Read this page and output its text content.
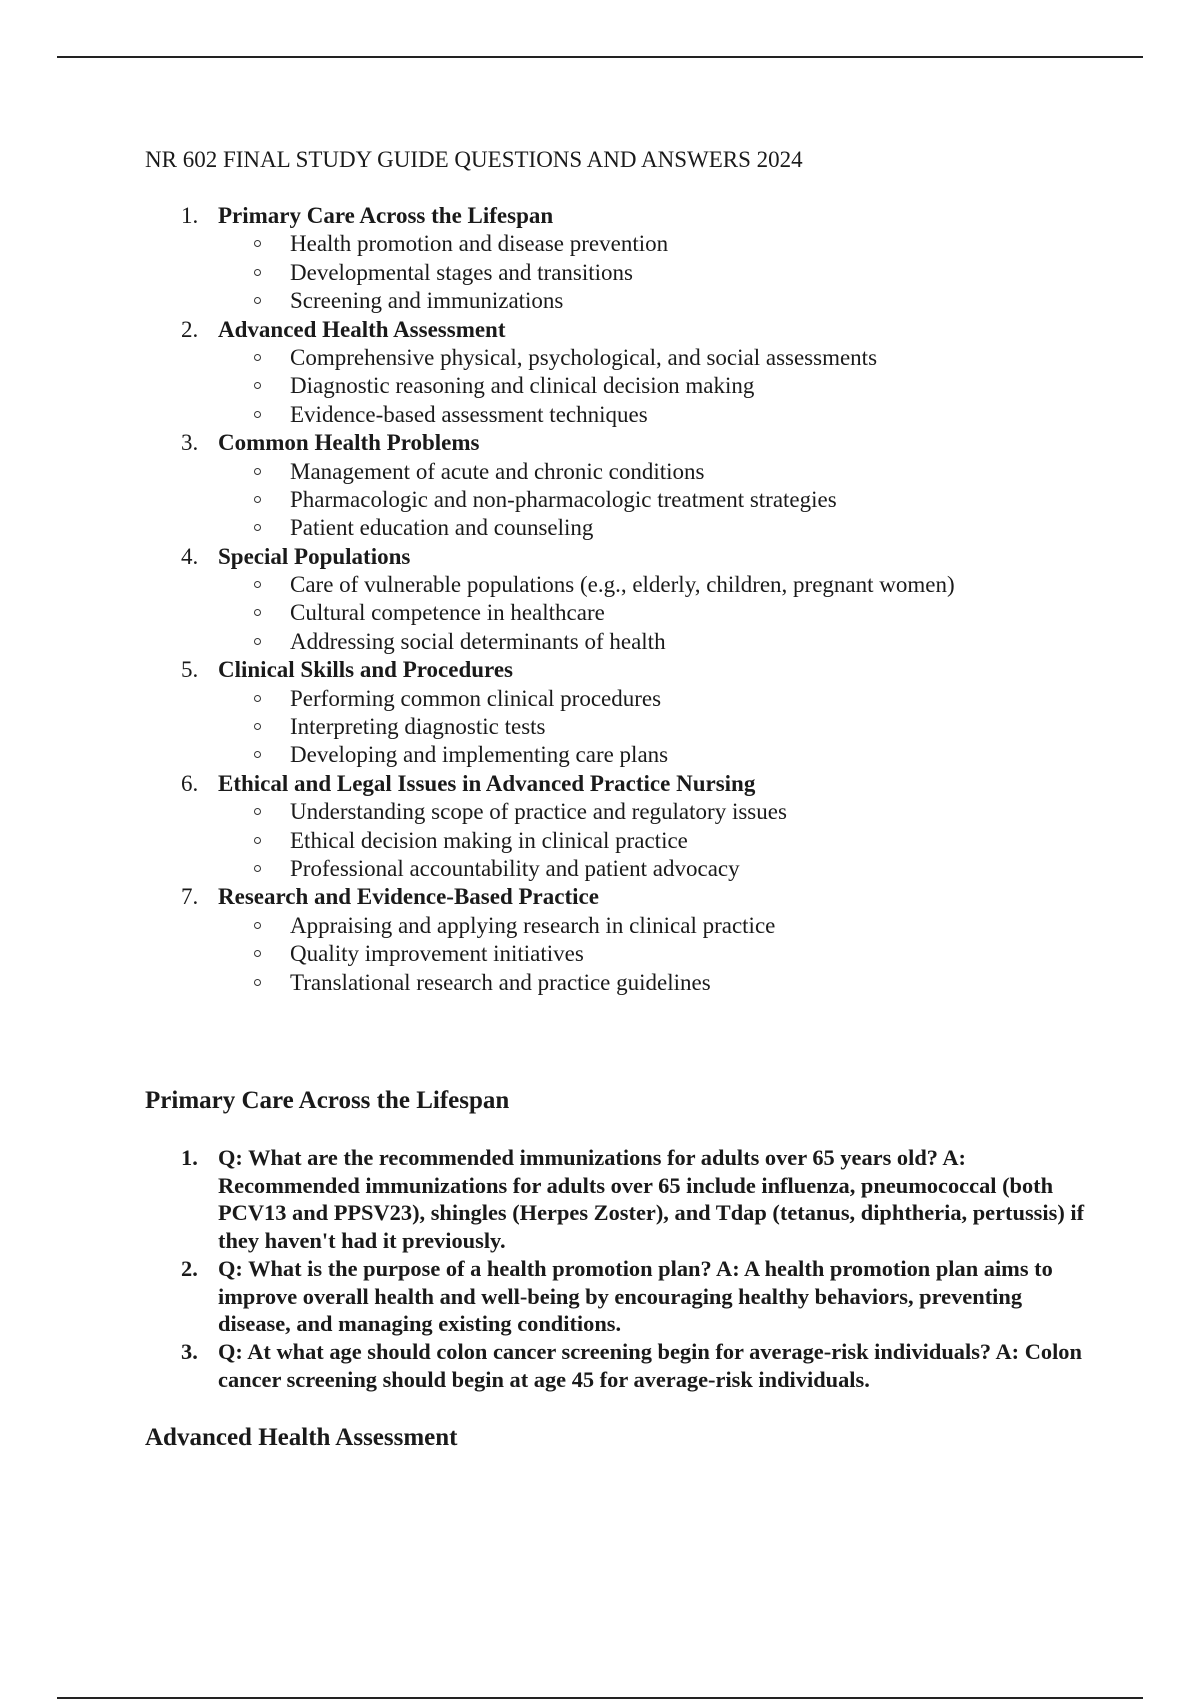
NR 602 FINAL STUDY GUIDE QUESTIONS AND ANSWERS 2024
1. Primary Care Across the Lifespan
Health promotion and disease prevention
Developmental stages and transitions
Screening and immunizations
2. Advanced Health Assessment
Comprehensive physical, psychological, and social assessments
Diagnostic reasoning and clinical decision making
Evidence-based assessment techniques
3. Common Health Problems
Management of acute and chronic conditions
Pharmacologic and non-pharmacologic treatment strategies
Patient education and counseling
4. Special Populations
Care of vulnerable populations (e.g., elderly, children, pregnant women)
Cultural competence in healthcare
Addressing social determinants of health
5. Clinical Skills and Procedures
Performing common clinical procedures
Interpreting diagnostic tests
Developing and implementing care plans
6. Ethical and Legal Issues in Advanced Practice Nursing
Understanding scope of practice and regulatory issues
Ethical decision making in clinical practice
Professional accountability and patient advocacy
7. Research and Evidence-Based Practice
Appraising and applying research in clinical practice
Quality improvement initiatives
Translational research and practice guidelines
Primary Care Across the Lifespan
1. Q: What are the recommended immunizations for adults over 65 years old? A: Recommended immunizations for adults over 65 include influenza, pneumococcal (both PCV13 and PPSV23), shingles (Herpes Zoster), and Tdap (tetanus, diphtheria, pertussis) if they haven't had it previously.
2. Q: What is the purpose of a health promotion plan? A: A health promotion plan aims to improve overall health and well-being by encouraging healthy behaviors, preventing disease, and managing existing conditions.
3. Q: At what age should colon cancer screening begin for average-risk individuals? A: Colon cancer screening should begin at age 45 for average-risk individuals.
Advanced Health Assessment
